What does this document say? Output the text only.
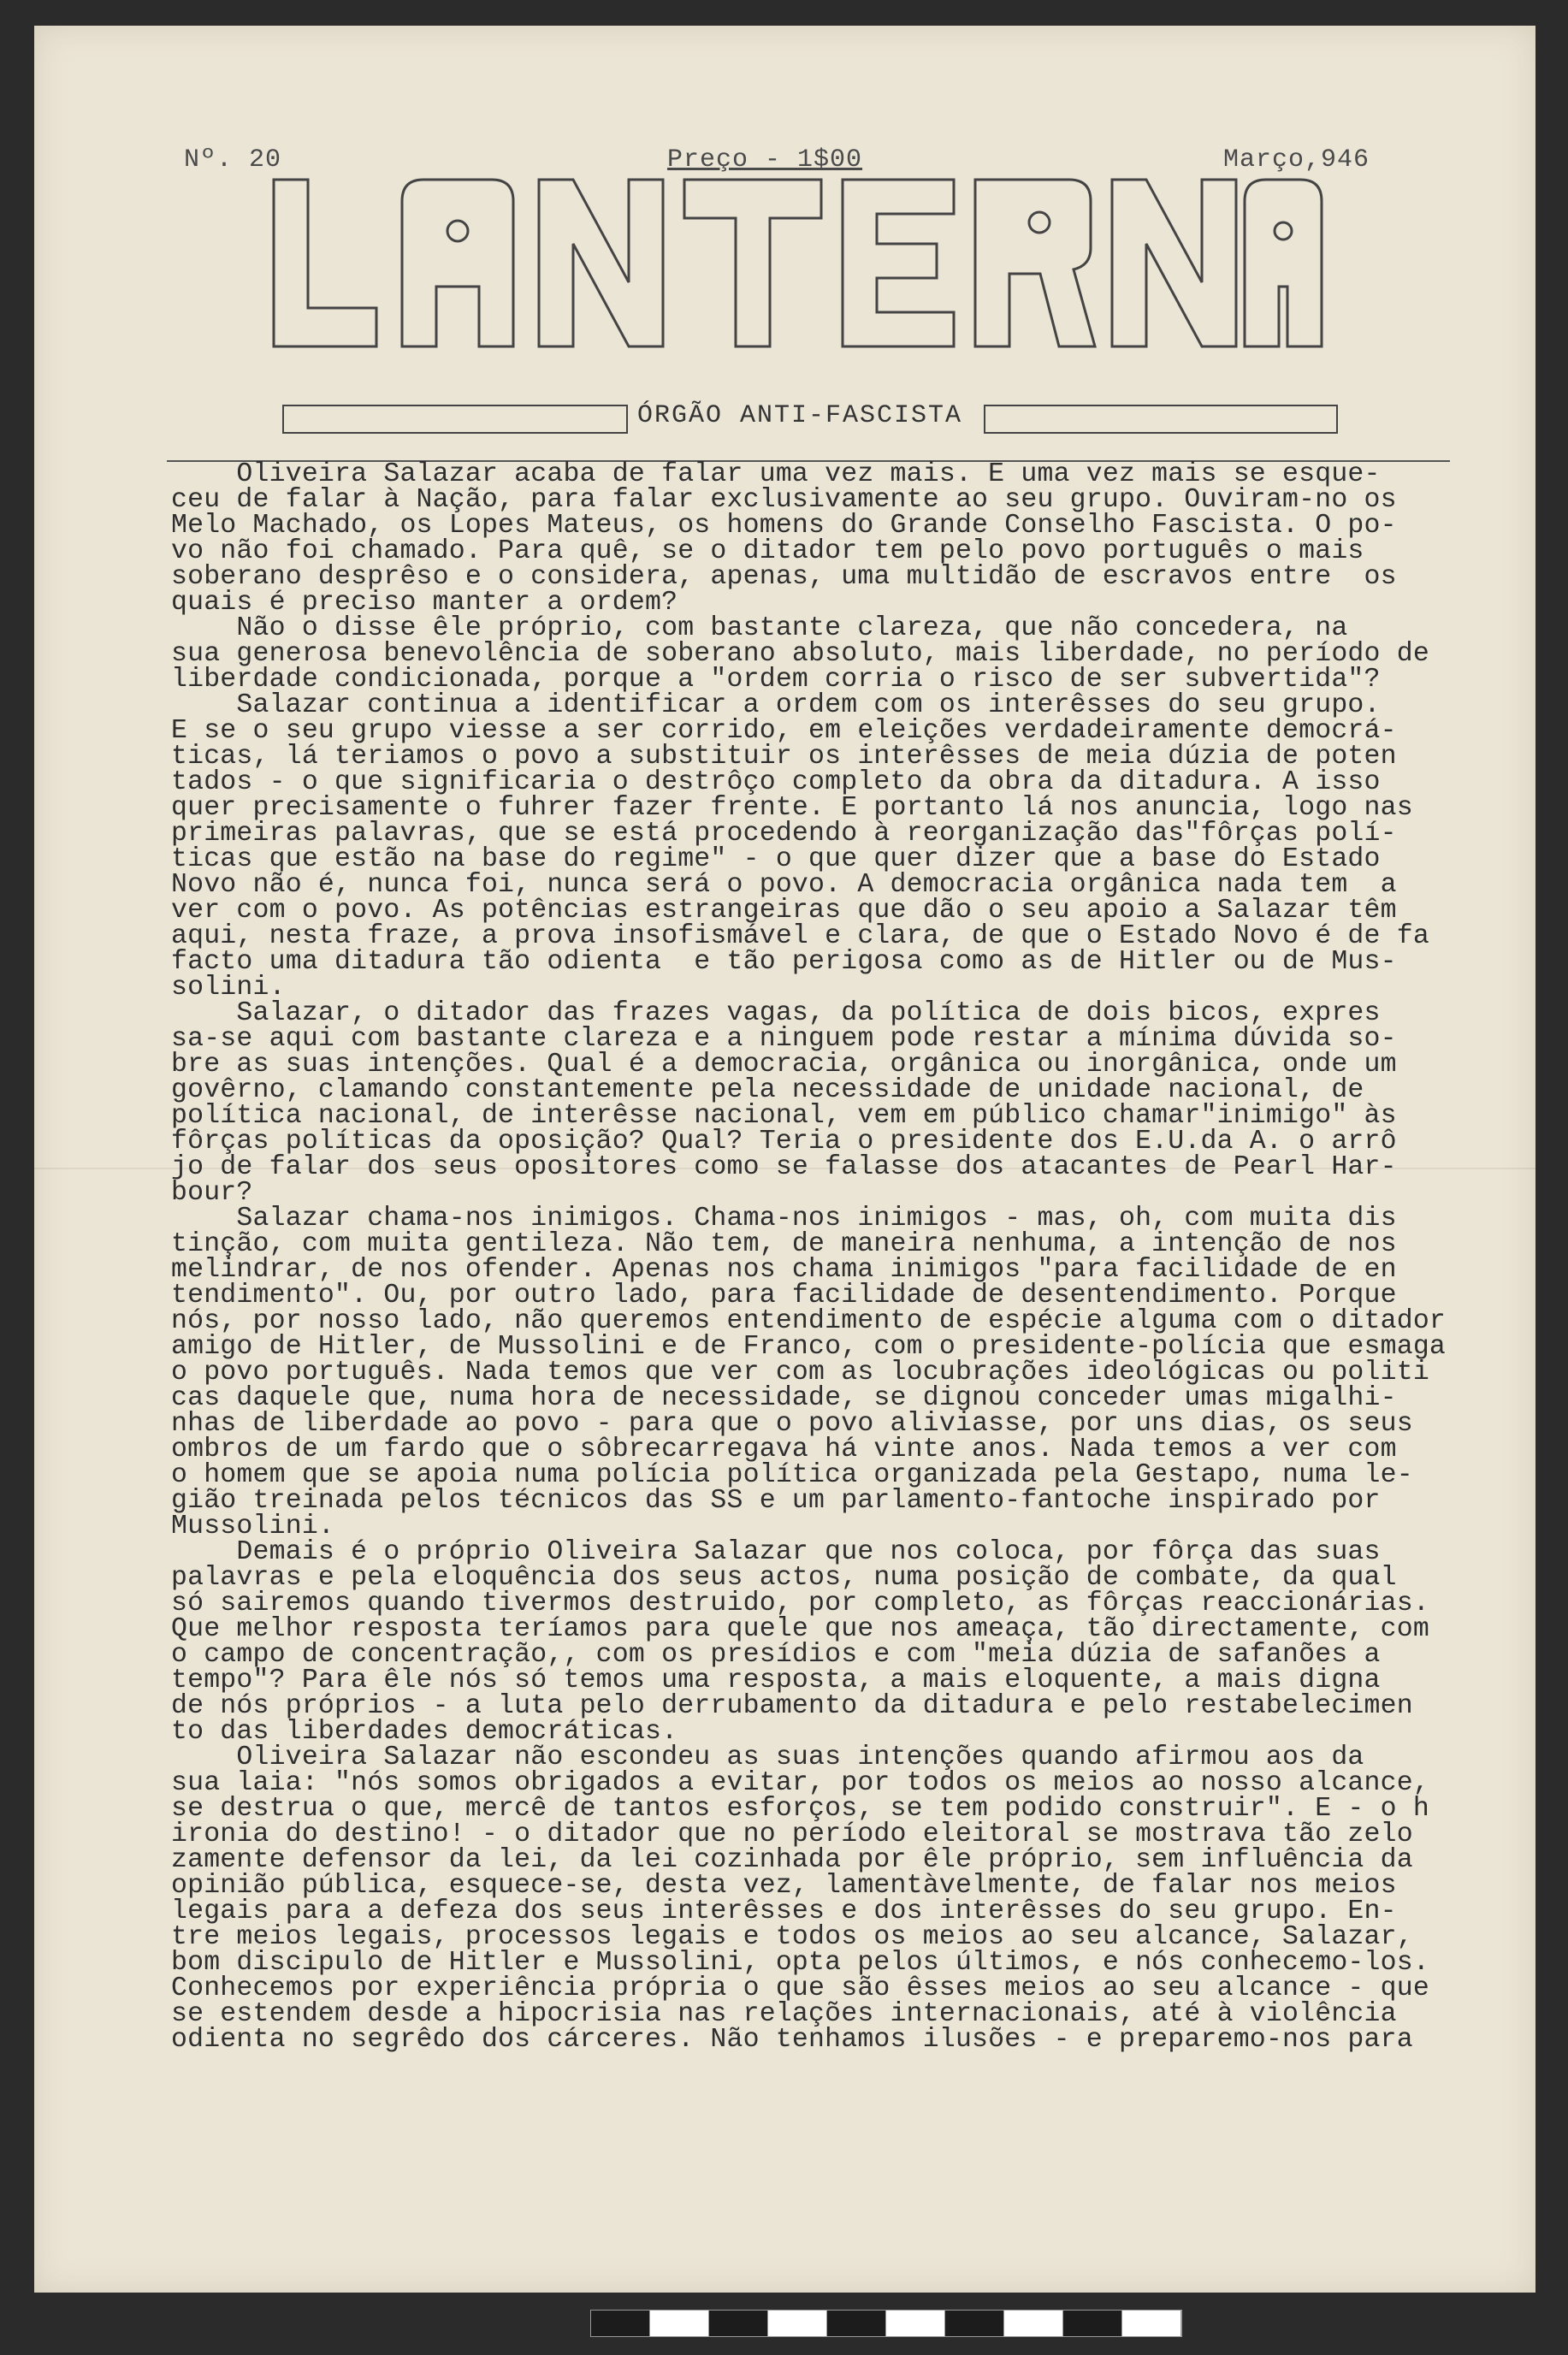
Nº. 20	Preço - 1$00	Março,946
ÓRGÃO ANTI-FASCISTA
Oliveira Salazar acaba de falar uma vez mais. E uma vez mais se esque-
ceu de falar à Nação, para falar exclusivamente ao seu grupo. Ouviram-no os
Melo Machado, os Lopes Mateus, os homens do Grande Conselho Fascista. O po-
vo não foi chamado. Para quê, se o ditador tem pelo povo português o mais
soberano desprêso e o considera, apenas, uma multidão de escravos entre  os
quais é preciso manter a ordem?
Não o disse êle próprio, com bastante clareza, que não concedera, na
sua generosa benevolência de soberano absoluto, mais liberdade, no período de
liberdade condicionada, porque a "ordem corria o risco de ser subvertida"?
Salazar continua a identificar a ordem com os interêsses do seu grupo.
E se o seu grupo viesse a ser corrido, em eleições verdadeiramente democrá-
ticas, lá teriamos o povo a substituir os interêsses de meia dúzia de poten
tados - o que significaria o destrôço completo da obra da ditadura. A isso
quer precisamente o fuhrer fazer frente. E portanto lá nos anuncia, logo nas
primeiras palavras, que se está procedendo à reorganização das"fôrças polí-
ticas que estão na base do regime" - o que quer dizer que a base do Estado
Novo não é, nunca foi, nunca será o povo. A democracia orgânica nada tem  a
ver com o povo. As potências estrangeiras que dão o seu apoio a Salazar têm
aqui, nesta fraze, a prova insofismável e clara, de que o Estado Novo é de fa
facto uma ditadura tão odienta  e tão perigosa como as de Hitler ou de Mus-
solini.
Salazar, o ditador das frazes vagas, da política de dois bicos, expres
sa-se aqui com bastante clareza e a ninguem pode restar a mínima dúvida so-
bre as suas intenções. Qual é a democracia, orgânica ou inorgânica, onde um
govêrno, clamando constantemente pela necessidade de unidade nacional, de
política nacional, de interêsse nacional, vem em público chamar"inimigo" às
fôrças políticas da oposição? Qual? Teria o presidente dos E.U.da A. o arrô
jo de falar dos seus opositores como se falasse dos atacantes de Pearl Har-
bour?
Salazar chama-nos inimigos. Chama-nos inimigos - mas, oh, com muita dis
tinção, com muita gentileza. Não tem, de maneira nenhuma, a intenção de nos
melindrar, de nos ofender. Apenas nos chama inimigos "para facilidade de en
tendimento". Ou, por outro lado, para facilidade de desentendimento. Porque
nós, por nosso lado, não queremos entendimento de espécie alguma com o ditador
amigo de Hitler, de Mussolini e de Franco, com o presidente-polícia que esmaga
o povo português. Nada temos que ver com as locubrações ideológicas ou politi
cas daquele que, numa hora de necessidade, se dignou conceder umas migalhi-
nhas de liberdade ao povo - para que o povo aliviasse, por uns dias, os seus
ombros de um fardo que o sôbrecarregava há vinte anos. Nada temos a ver com
o homem que se apoia numa polícia política organizada pela Gestapo, numa le-
gião treinada pelos técnicos das SS e um parlamento-fantoche inspirado por
Mussolini.
Demais é o próprio Oliveira Salazar que nos coloca, por fôrça das suas
palavras e pela eloquência dos seus actos, numa posição de combate, da qual
só sairemos quando tivermos destruido, por completo, as fôrças reaccionárias.
Que melhor resposta teríamos para quele que nos ameaça, tão directamente, com
o campo de concentração,, com os presídios e com "meia dúzia de safanões a
tempo"? Para êle nós só temos uma resposta, a mais eloquente, a mais digna
de nós próprios - a luta pelo derrubamento da ditadura e pelo restabelecimen
to das liberdades democráticas.
Oliveira Salazar não escondeu as suas intenções quando afirmou aos da
sua laia: "nós somos obrigados a evitar, por todos os meios ao nosso alcance,
se destrua o que, mercê de tantos esforços, se tem podido construir". E - o h
ironia do destino! - o ditador que no período eleitoral se mostrava tão zelo
zamente defensor da lei, da lei cozinhada por êle próprio, sem influência da
opinião pública, esquece-se, desta vez, lamentàvelmente, de falar nos meios
legais para a defeza dos seus interêsses e dos interêsses do seu grupo. En-
tre meios legais, processos legais e todos os meios ao seu alcance, Salazar,
bom discipulo de Hitler e Mussolini, opta pelos últimos, e nós conhecemo-los.
Conhecemos por experiência própria o que são êsses meios ao seu alcance - que
se estendem desde a hipocrisia nas relações internacionais, até à violência
odienta no segrêdo dos cárceres. Não tenhamos ilusões - e preparemo-nos para
